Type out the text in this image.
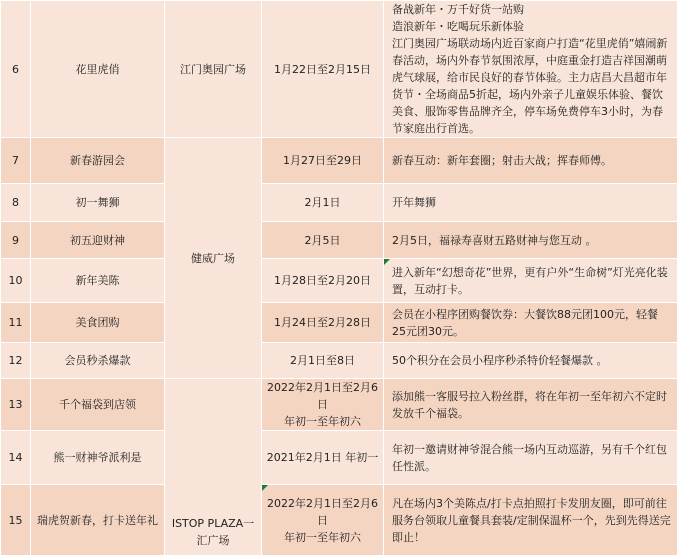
6	花里虎俏	江门奥园广场	1月22日至2月15日	备战新年・万千好货一站购
造浪新年・吃喝玩乐新体验
江门奥园广场联动场内近百家商户打造“花里虎俏”嬉闹新春活动，场内外春节氛围浓厚，中庭重金打造吉祥国潮萌虎气球展，给市民良好的春节体验。主力店昌大昌超市年货节・全场商品5折起，场内外亲子儿童娱乐体验、餐饮美食、服饰零售品牌齐全，停车场免费停车3小时，为春节家庭出行首选。
7	新春游园会	健威广场	1月27日至29日	新春互动：新年套圈；射击大战；挥春师傅。
8	初一舞狮		2月1日	开年舞狮
9	初五迎财神		2月5日	2月5日，福禄寿喜财五路财神与您互动 。
10	新年美陈		1月28日至2月20日	进入新年“幻想奇花”世界，更有户外“生命树”灯光亮化装置，互动打卡。
11	美食团购		1月24日至2月28日	会员在小程序团购餐饮券：大餐饮88元团100元，轻餐25元团30元。
12	会员秒杀爆款		2月1日至8日	50个积分在会员小程序秒杀特价轻餐爆款 。
13	千个福袋到店领	ISTOP PLAZA一汇广场	2022年2月1日至2月6日
年初一至年初六	添加熊一客服号拉入粉丝群，将在年初一至年初六不定时发放千个福袋。
14	熊一财神爷派利是		2021年2月1日 年初一	年初一邀请财神爷混合熊一场内互动巡游，另有千个红包任性派。
15	瑞虎贺新春，打卡送年礼		2022年2月1日至2月6日
年初一至年初六	凡在场内3个美陈点/打卡点拍照打卡发朋友圈，即可前往服务台领取儿童餐具套装/定制保温杯一个，先到先得送完即止！
